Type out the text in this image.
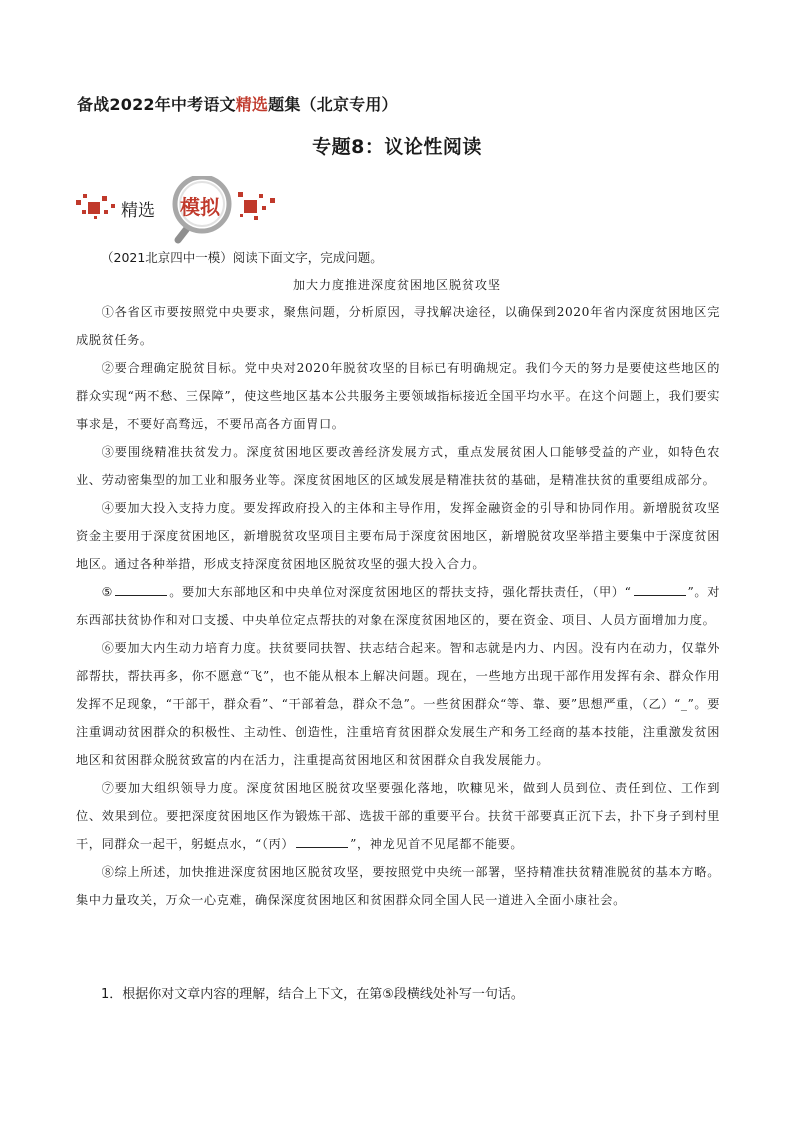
备战2022年中考语文精选题集（北京专用）
专题8：议论性阅读
精选 模拟
（2021北京四中一模）阅读下面文字，完成问题。
加大力度推进深度贫困地区脱贫攻坚

①各省区市要按照党中央要求，聚焦问题，分析原因，寻找解决途径，以确保到2020年省内深度贫困地区完成脱贫任务。

②要合理确定脱贫目标。党中央对2020年脱贫攻坚的目标已有明确规定。我们今天的努力是要使这些地区的群众实现“两不愁、三保障”，使这些地区基本公共服务主要领域指标接近全国平均水平。在这个问题上，我们要实事求是，不要好高骛远，不要吊高各方面胃口。

③要围绕精准扶贫发力。深度贫困地区要改善经济发展方式，重点发展贫困人口能够受益的产业，如特色农业、劳动密集型的加工业和服务业等。深度贫困地区的区域发展是精准扶贫的基础，是精准扶贫的重要组成部分。

④要加大投入支持力度。要发挥政府投入的主体和主导作用，发挥金融资金的引导和协同作用。新增脱贫攻坚资金主要用于深度贫困地区，新增脱贫攻坚项目主要布局于深度贫困地区，新增脱贫攻坚举措主要集中于深度贫困地区。通过各种举措，形成支持深度贫困地区脱贫攻坚的强大投入合力。

⑤	。要加大东部地区和中央单位对深度贫困地区的帮扶支持，强化帮扶责任，（甲）“	”。对东西部扶贫协作和对口支援、中央单位定点帮扶的对象在深度贫困地区的，要在资金、项目、人员方面增加力度。

⑥要加大内生动力培育力度。扶贫要同扶智、扶志结合起来。智和志就是内力、内因。没有内在动力，仅靠外部帮扶，帮扶再多，你不愿意“飞”，也不能从根本上解决问题。现在，一些地方出现干部作用发挥有余、群众作用发挥不足现象，“干部干，群众看”、“干部着急，群众不急”。一些贫困群众“等、靠、要”思想严重，（乙）“_”。要注重调动贫困群众的积极性、主动性、创造性，注重培育贫困群众发展生产和务工经商的基本技能，注重激发贫困地区和贫困群众脱贫致富的内在活力，注重提高贫困地区和贫困群众自我发展能力。

⑦要加大组织领导力度。深度贫困地区脱贫攻坚要强化落地，吹糠见米，做到人员到位、责任到位、工作到位、效果到位。要把深度贫困地区作为锻炼干部、选拔干部的重要平台。扶贫干部要真正沉下去，扑下身子到村里干，同群众一起干，躬蜓点水，“（丙）	”，神龙见首不见尾都不能要。

⑧综上所述，加快推进深度贫困地区脱贫攻坚，要按照党中央统一部署，坚持精准扶贫精准脱贫的基本方略。集中力量攻关，万众一心克难，确保深度贫困地区和贫困群众同全国人民一道进入全面小康社会。

1．根据你对文章内容的理解，结合上下文，在第⑤段横线处补写一句话。
